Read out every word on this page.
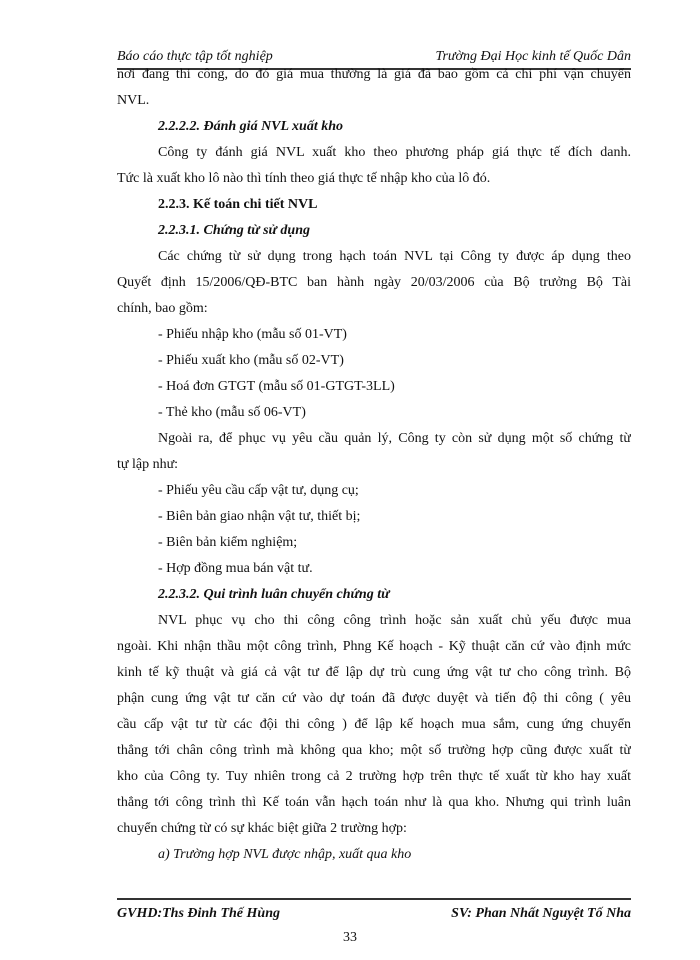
Báo cáo thực tập tốt nghiệp	Trường Đại Học kinh tế Quốc Dân
nơi đang thi công, do đó giá mua thường là giá đã bao gồm cả chi phí vận chuyển
NVL.
2.2.2.2. Đánh giá NVL xuất kho
Công ty đánh giá NVL xuất kho theo phương pháp giá thực tế đích danh.
Tức là xuất kho lô nào thì tính theo giá thực tế nhập kho của lô đó.
2.2.3. Kế toán chi tiết NVL
2.2.3.1. Chứng từ sử dụng
Các chứng từ sử dụng trong hạch toán NVL tại Công ty được áp dụng theo
Quyết định 15/2006/QĐ-BTC ban hành ngày 20/03/2006 của Bộ trưởng Bộ Tài
chính, bao gồm:
- Phiếu nhập kho (mẫu số 01-VT)
- Phiếu xuất kho (mẫu số 02-VT)
- Hoá đơn GTGT (mẫu số 01-GTGT-3LL)
- Thẻ kho (mẫu số 06-VT)
Ngoài ra, để phục vụ yêu cầu quản lý, Công ty còn sử dụng một số chứng từ
tự lập như:
- Phiếu yêu cầu cấp vật tư, dụng cụ;
- Biên bản giao nhận vật tư, thiết bị;
- Biên bản kiểm nghiệm;
- Hợp đồng mua bán vật tư.
2.2.3.2. Qui trình luân chuyển chứng từ
NVL phục vụ cho thi công công trình hoặc sản xuất chủ yếu được mua
ngoài. Khi nhận thầu một công trình, Phng Kế hoạch - Kỹ thuật căn cứ vào định mức
kinh tế kỹ thuật và giá cả vật tư để lập dự trù cung ứng vật tư cho công trình. Bộ
phận cung ứng vật tư căn cứ vào dự toán đã được duyệt và tiến độ thi công ( yêu
cầu cấp vật tư từ các đội thi công ) để lập kế hoạch mua sắm, cung ứng chuyển
thẳng tới chân công trình mà không qua kho; một số trường hợp cũng được xuất từ
kho của Công ty. Tuy nhiên trong cả 2 trường hợp trên thực tế xuất từ kho hay xuất
thẳng tới công trình thì Kế toán vẫn hạch toán như là qua kho. Nhưng qui trình luân
chuyển chứng từ có sự khác biệt giữa 2 trường hợp:
a) Trường hợp NVL được nhập, xuất qua kho
GVHD:Ths Đinh Thế Hùng	SV: Phan Nhất Nguyệt Tố Nha
33
